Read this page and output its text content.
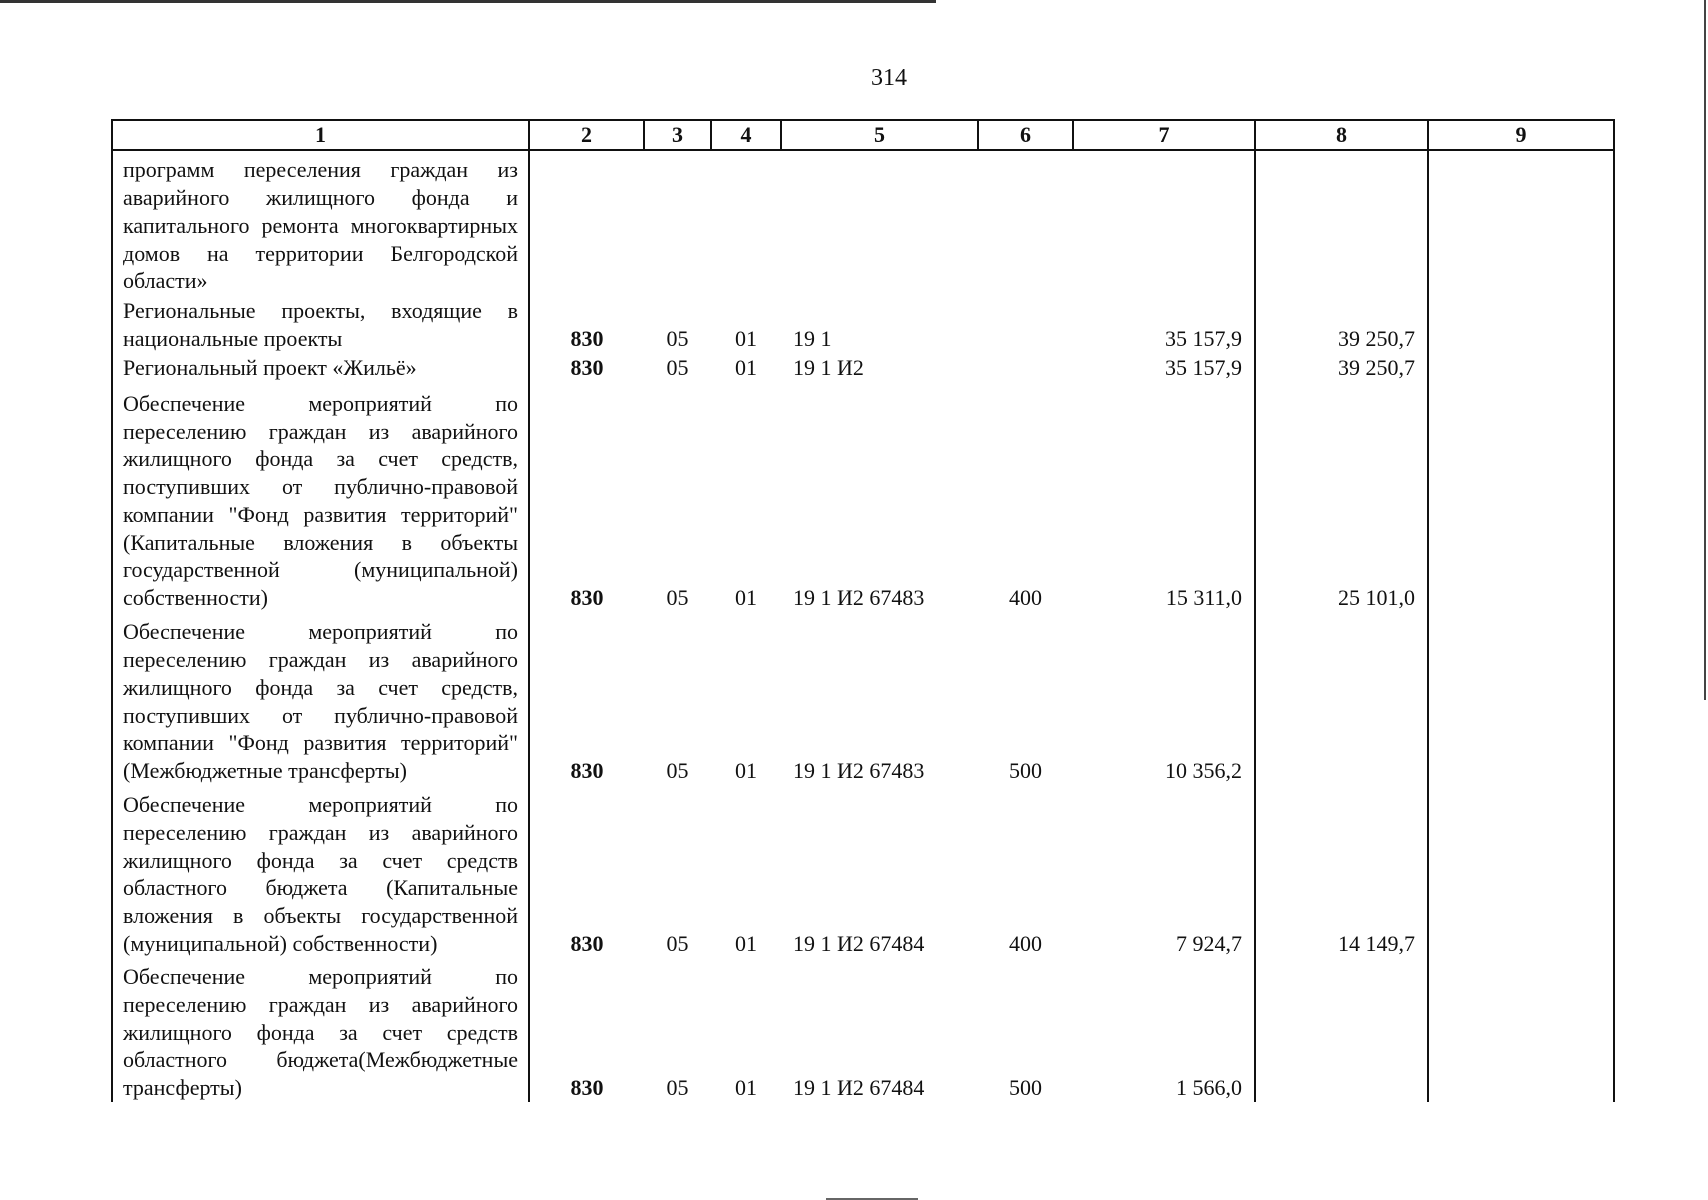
314
1	2	3	4	5	6	7	8	9
программ переселения граждан из аварийного жилищного фонда и капитального ремонта многоквартирных домов на территории Белгородской области»								
Региональные проекты, входящие в национальные проекты	830	05	01	19 1		35 157,9	39 250,7	
Региональный проект «Жильё»	830	05	01	19 1 И2		35 157,9	39 250,7	
Обеспечение мероприятий по переселению граждан из аварийного жилищного фонда за счет средств, поступивших от публично-правовой компании "Фонд развития территорий" (Капитальные вложения в объекты государственной (муниципальной) собственности)	830	05	01	19 1 И2 67483	400	15 311,0	25 101,0	
Обеспечение мероприятий по переселению граждан из аварийного жилищного фонда за счет средств, поступивших от публично-правовой компании "Фонд развития территорий" (Межбюджетные трансферты)	830	05	01	19 1 И2 67483	500	10 356,2		
Обеспечение мероприятий по переселению граждан из аварийного жилищного фонда за счет средств областного бюджета (Капитальные вложения в объекты государственной (муниципальной) собственности)	830	05	01	19 1 И2 67484	400	7 924,7	14 149,7	
Обеспечение мероприятий по переселению граждан из аварийного жилищного фонда за счет средств областного бюджета(Межбюджетные трансферты)	830	05	01	19 1 И2 67484	500	1 566,0		
